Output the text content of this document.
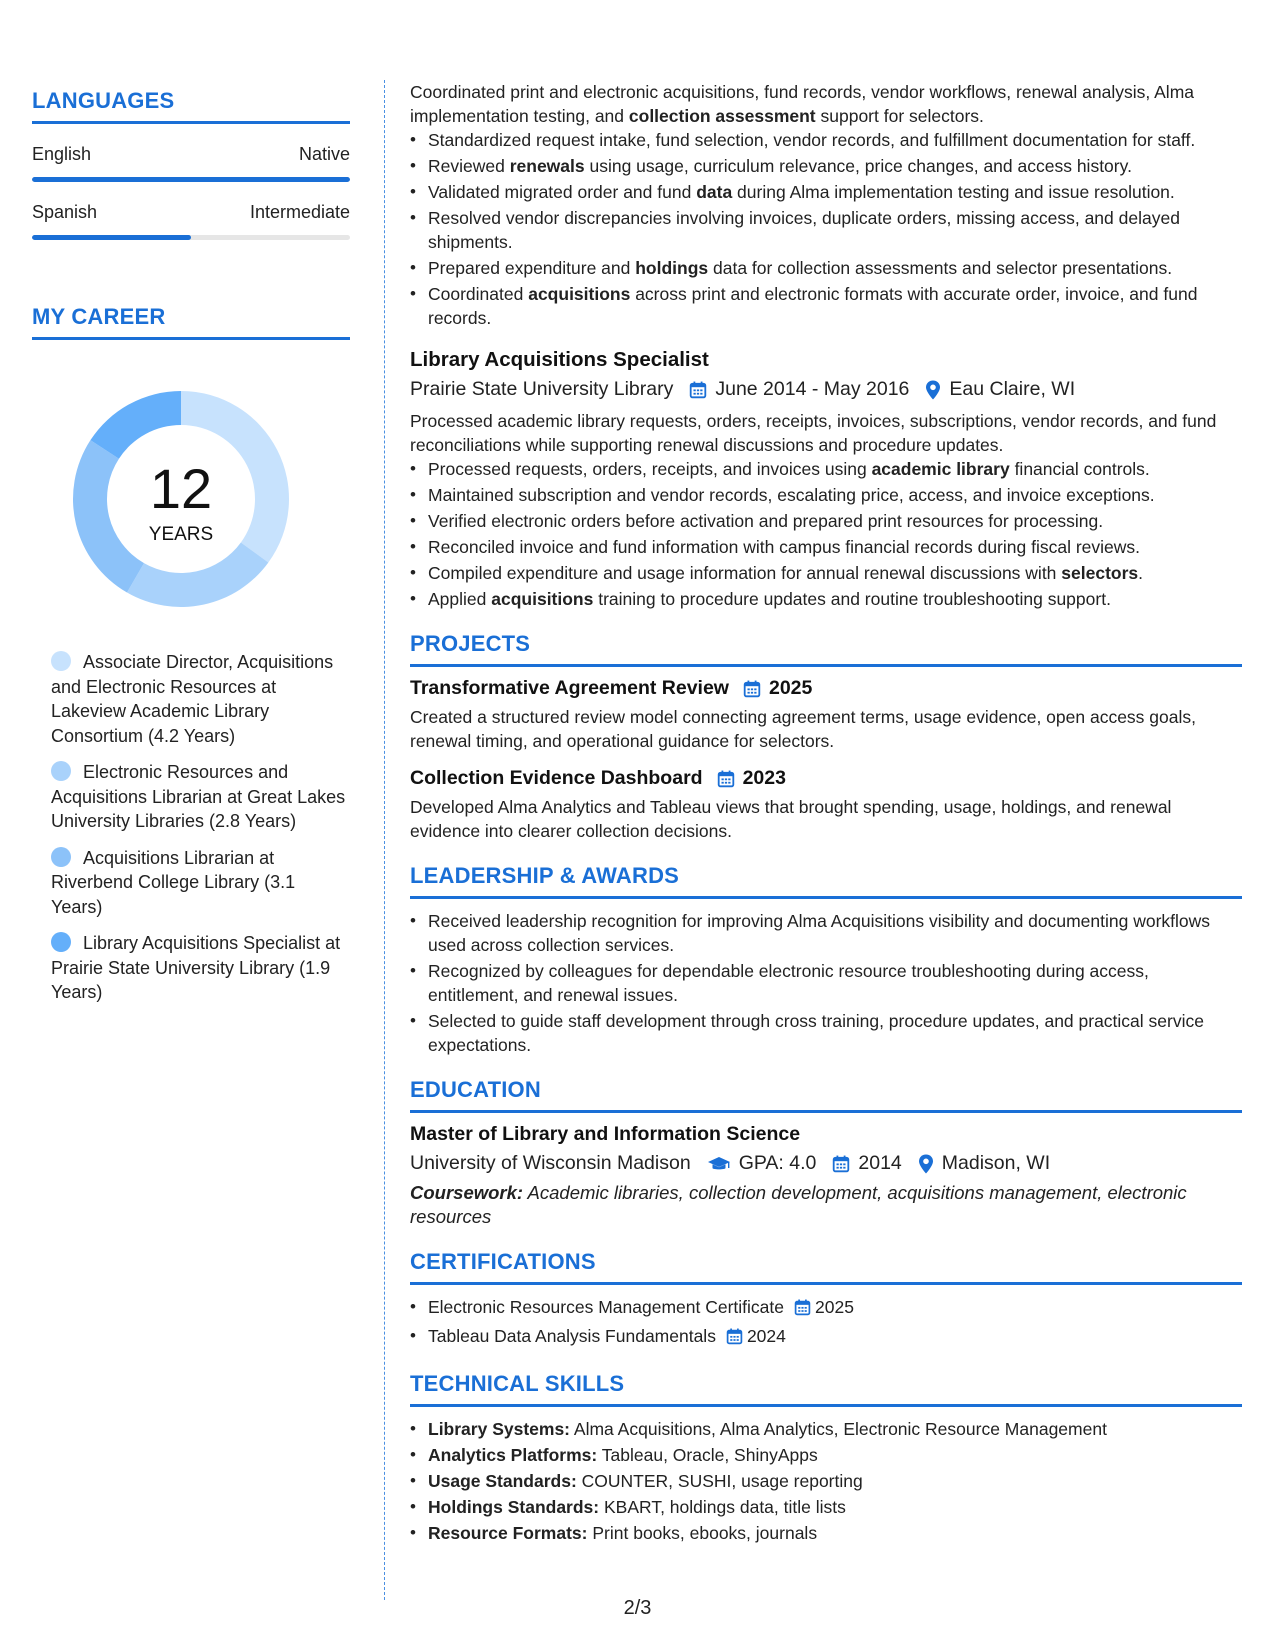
LANGUAGES
English	Native
Spanish	Intermediate
MY CAREER
12
YEARS
Associate Director, Acquisitions and Electronic Resources at Lakeview Academic Library Consortium (4.2 Years)
Electronic Resources and Acquisitions Librarian at Great Lakes University Libraries (2.8 Years)
Acquisitions Librarian at Riverbend College Library (3.1 Years)
Library Acquisitions Specialist at Prairie State University Library (1.9 Years)

Coordinated print and electronic acquisitions, fund records, vendor workflows, renewal analysis, Alma implementation testing, and collection assessment support for selectors.

• Standardized request intake, fund selection, vendor records, and fulfillment documentation for staff.
• Reviewed renewals using usage, curriculum relevance, price changes, and access history.
• Validated migrated order and fund data during Alma implementation testing and issue resolution.
• Resolved vendor discrepancies involving invoices, duplicate orders, missing access, and delayed shipments.
• Prepared expenditure and holdings data for collection assessments and selector presentations.
• Coordinated acquisitions across print and electronic formats with accurate order, invoice, and fund records.
Library Acquisitions Specialist
Prairie State University Library June 2014 - May 2016 Eau Claire, WI

Processed academic library requests, orders, receipts, invoices, subscriptions, vendor records, and fund reconciliations while supporting renewal discussions and procedure updates.

• Processed requests, orders, receipts, and invoices using academic library financial controls.
• Maintained subscription and vendor records, escalating price, access, and invoice exceptions.
• Verified electronic orders before activation and prepared print resources for processing.
• Reconciled invoice and fund information with campus financial records during fiscal reviews.
• Compiled expenditure and usage information for annual renewal discussions with selectors.
• Applied acquisitions training to procedure updates and routine troubleshooting support.
PROJECTS
Transformative Agreement Review 2025

Created a structured review model connecting agreement terms, usage evidence, open access goals, renewal timing, and operational guidance for selectors.

Collection Evidence Dashboard 2023

Developed Alma Analytics and Tableau views that brought spending, usage, holdings, and renewal evidence into clearer collection decisions.

LEADERSHIP & AWARDS
• Received leadership recognition for improving Alma Acquisitions visibility and documenting workflows used across collection services.
• Recognized by colleagues for dependable electronic resource troubleshooting during access, entitlement, and renewal issues.
• Selected to guide staff development through cross training, procedure updates, and practical service expectations.
EDUCATION
Master of Library and Information Science
University of Wisconsin Madison GPA: 4.0 2014 Madison, WI

Coursework: Academic libraries, collection development, acquisitions management, electronic resources

CERTIFICATIONS
• Electronic Resources Management Certificate 2025
• Tableau Data Analysis Fundamentals 2024
TECHNICAL SKILLS
• Library Systems: Alma Acquisitions, Alma Analytics, Electronic Resource Management
• Analytics Platforms: Tableau, Oracle, ShinyApps
• Usage Standards: COUNTER, SUSHI, usage reporting
• Holdings Standards: KBART, holdings data, title lists
• Resource Formats: Print books, ebooks, journals
2/3
